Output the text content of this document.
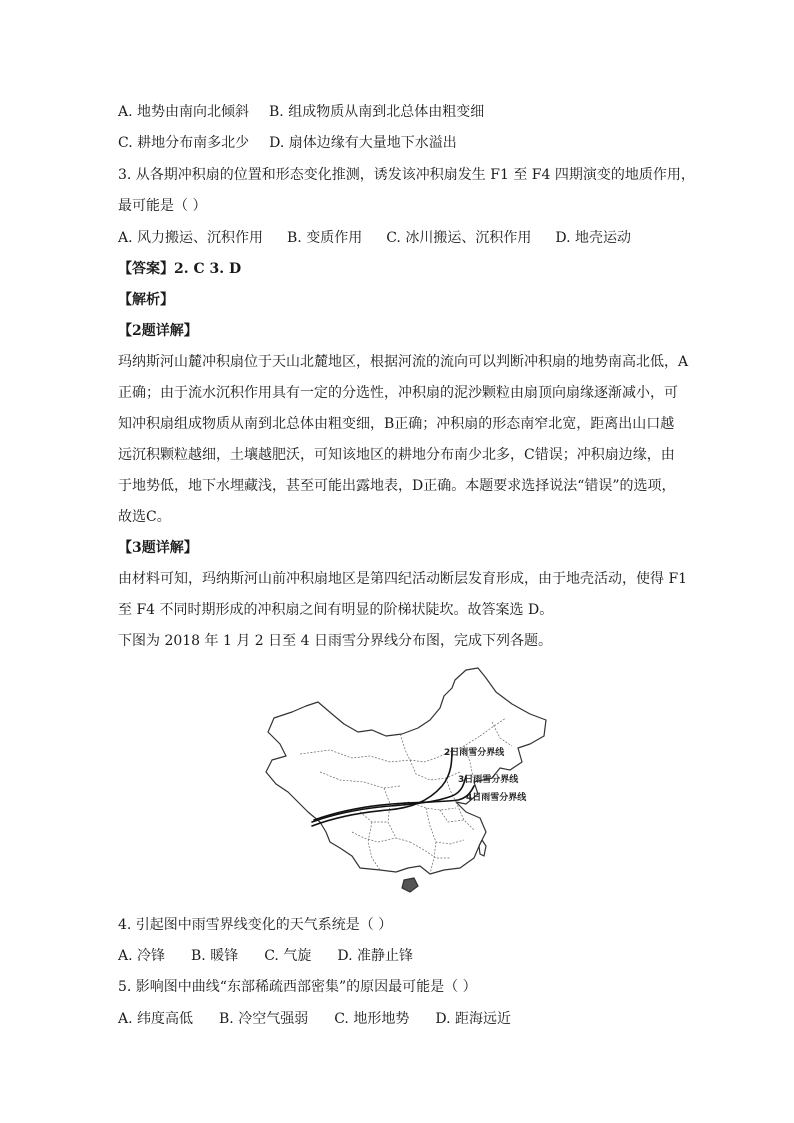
A. 地势由南向北倾斜 B. 组成物质从南到北总体由粗变细
C. 耕地分布南多北少 D. 扇体边缘有大量地下水溢出
3. 从各期冲积扇的位置和形态变化推测，诱发该冲积扇发生 F1 至 F4 四期演变的地质作用，
最可能是（ ）
A. 风力搬运、沉积作用 B. 变质作用 C. 冰川搬运、沉积作用 D. 地壳运动
【答案】2. C 3. D
【解析】
【2题详解】
玛纳斯河山麓冲积扇位于天山北麓地区，根据河流的流向可以判断冲积扇的地势南高北低，A
正确；由于流水沉积作用具有一定的分选性，冲积扇的泥沙颗粒由扇顶向扇缘逐渐减小，可
知冲积扇组成物质从南到北总体由粗变细，B正确；冲积扇的形态南窄北宽，距离出山口越
远沉积颗粒越细，土壤越肥沃，可知该地区的耕地分布南少北多，C错误；冲积扇边缘，由
于地势低，地下水埋藏浅，甚至可能出露地表，D正确。本题要求选择说法“错误”的选项，
故选C。
【3题详解】
由材料可知，玛纳斯河山前冲积扇地区是第四纪活动断层发育形成，由于地壳活动，使得 F1
至 F4 不同时期形成的冲积扇之间有明显的阶梯状陡坎。故答案选 D。
下图为 2018 年 1 月 2 日至 4 日雨雪分界线分布图，完成下列各题。
2日雨雪分界线
3日雨雪分界线
4日雨雪分界线
4. 引起图中雨雪界线变化的天气系统是（ ）
A. 冷锋 B. 暖锋 C. 气旋 D. 准静止锋
5. 影响图中曲线“东部稀疏西部密集”的原因最可能是（ ）
A. 纬度高低 B. 冷空气强弱 C. 地形地势 D. 距海远近
